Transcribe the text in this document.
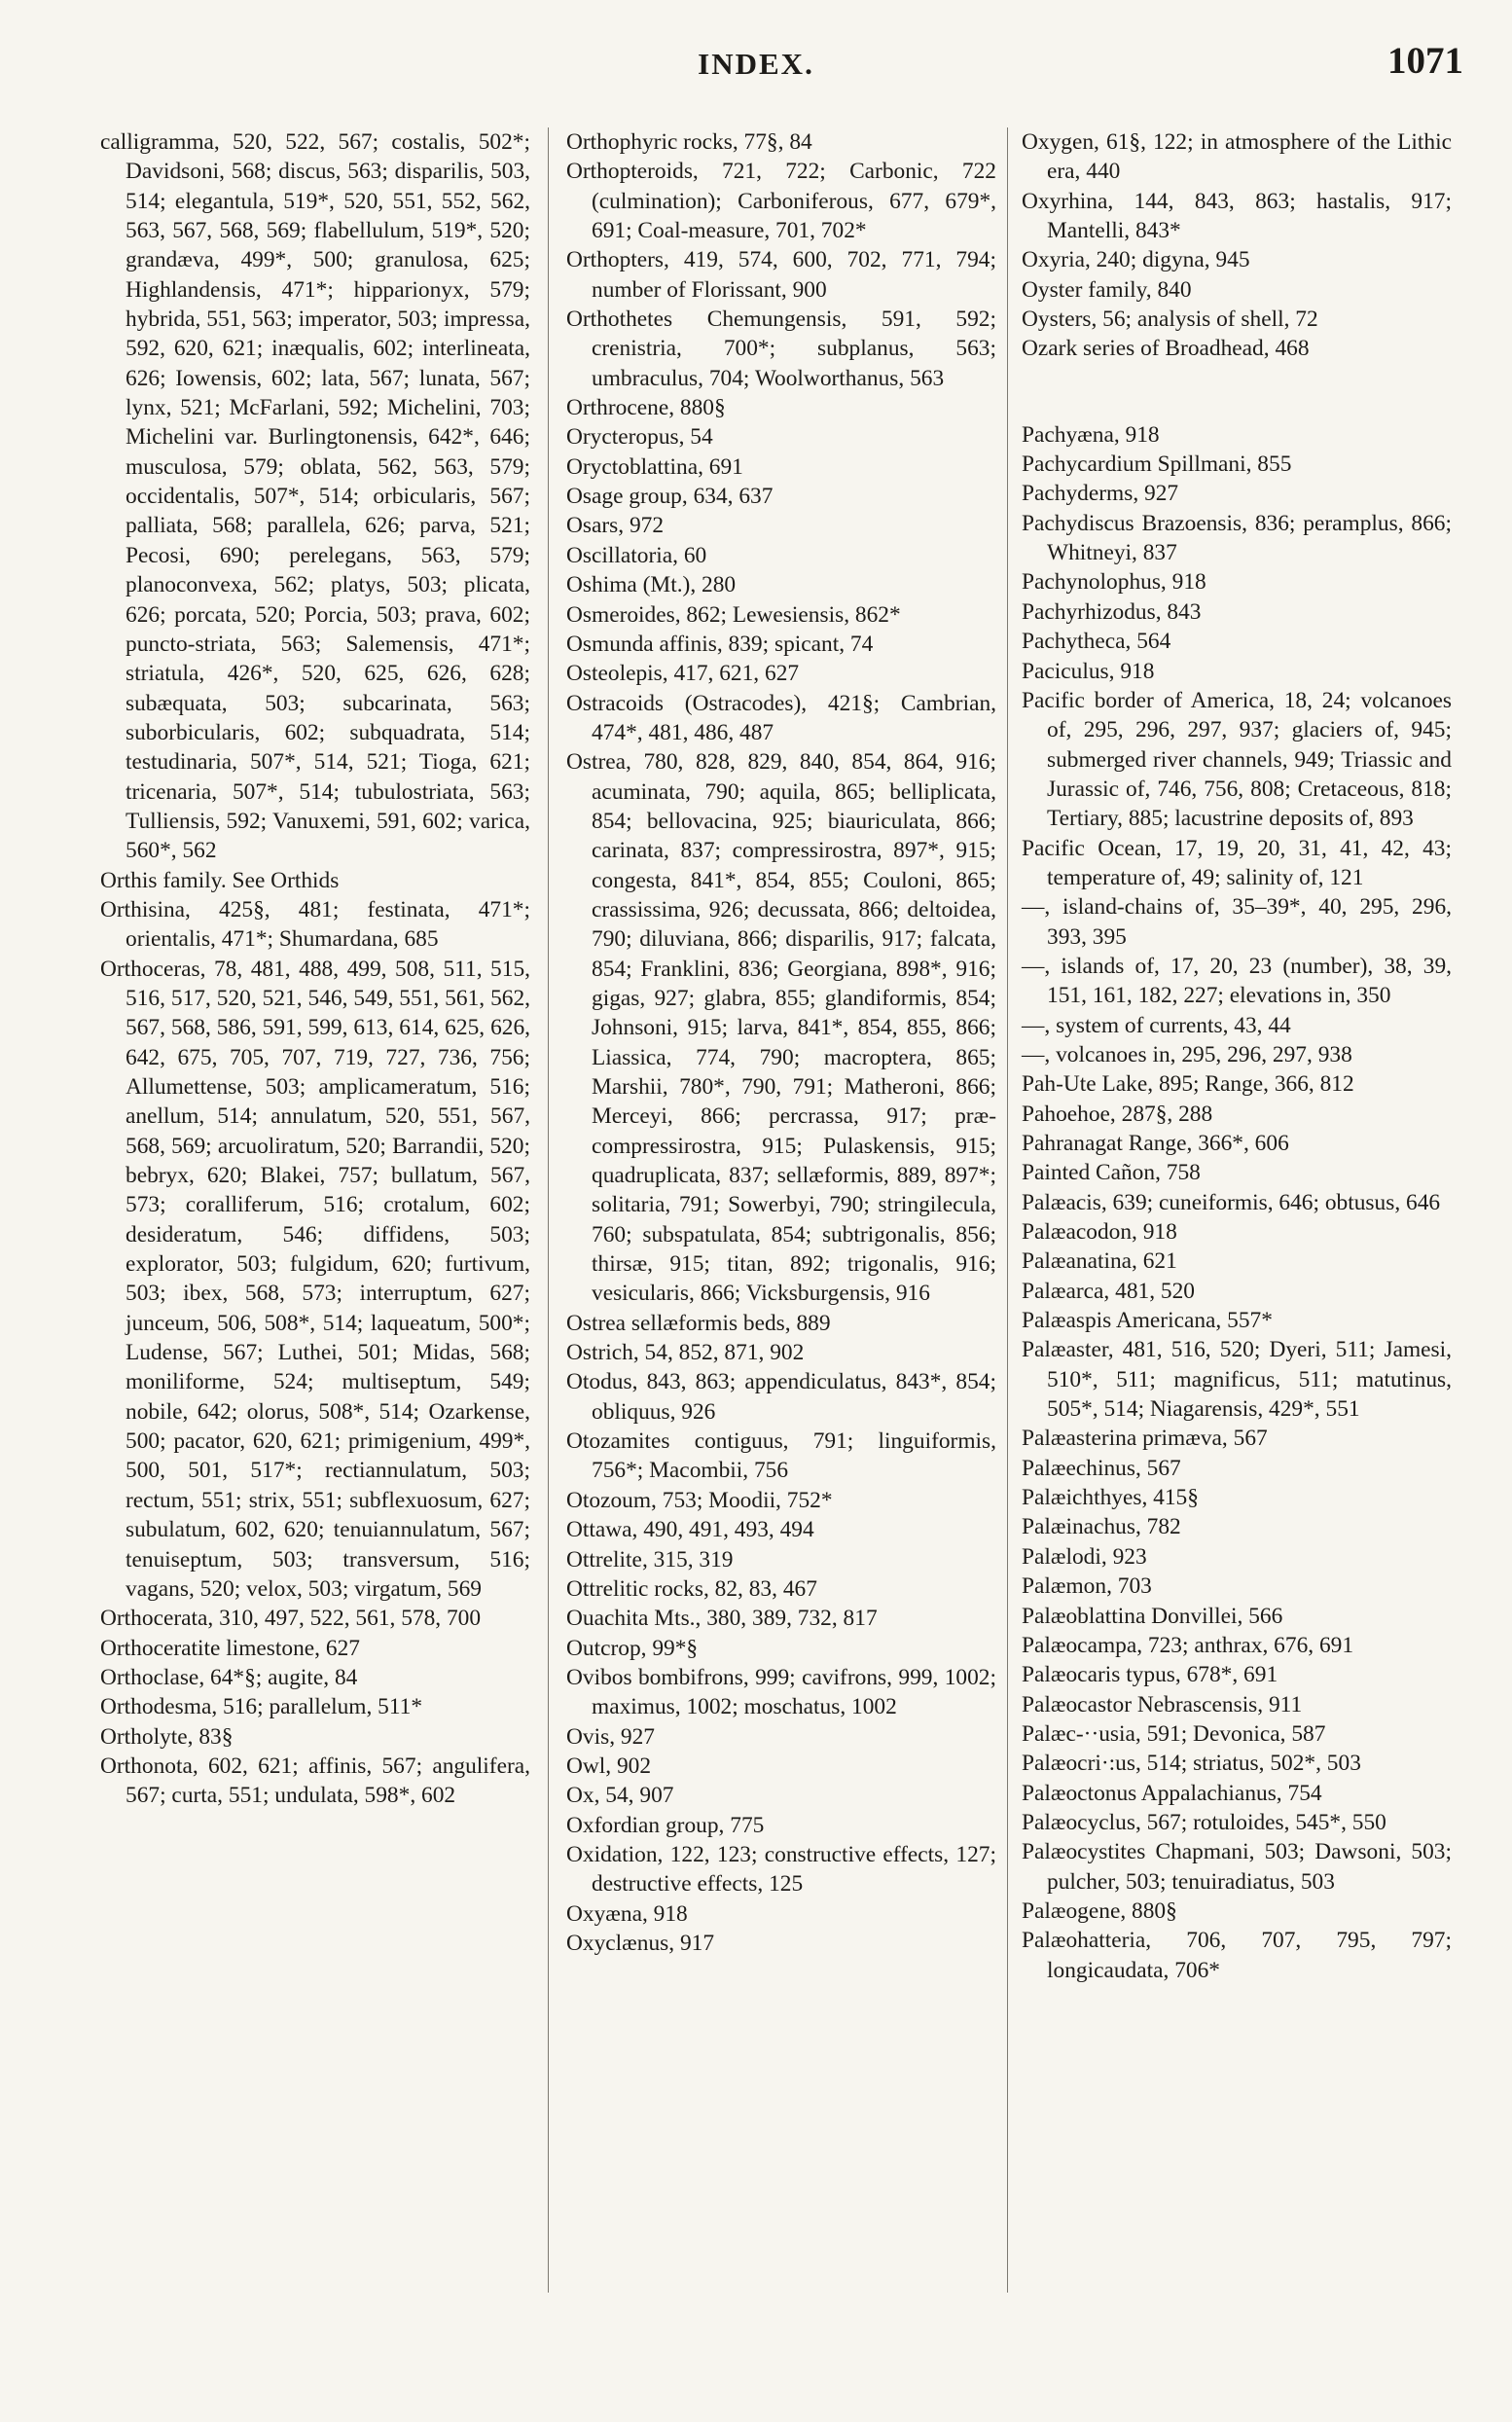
INDEX.	1071

calligramma, 520, 522, 567; costalis, 502*; Davidsoni, 568; discus, 563; disparilis, 503, 514; elegantula, 519*, 520, 551, 552, 562, 563, 567, 568, 569; flabellulum, 519*, 520; grandæva, 499*, 500; granulosa, 625; Highlandensis, 471*; hipparionyx, 579; hybrida, 551, 563; imperator, 503; impressa, 592, 620, 621; inæqualis, 602; interlineata, 626; Iowensis, 602; lata, 567; lunata, 567; lynx, 521; McFarlani, 592; Michelini, 703; Michelini var. Burlingtonensis, 642*, 646; musculosa, 579; oblata, 562, 563, 579; occidentalis, 507*, 514; orbicularis, 567; palliata, 568; parallela, 626; parva, 521; Pecosi, 690; perelegans, 563, 579; planoconvexa, 562; platys, 503; plicata, 626; porcata, 520; Porcia, 503; prava, 602; puncto-striata, 563; Salemensis, 471*; striatula, 426*, 520, 625, 626, 628; subæquata, 503; subcarinata, 563; suborbicularis, 602; subquadrata, 514; testudinaria, 507*, 514, 521; Tioga, 621; tricenaria, 507*, 514; tubulostriata, 563; Tulliensis, 592; Vanuxemi, 591, 602; varica, 560*, 562

Orthis family. See Orthids

Orthisina, 425§, 481; festinata, 471*; orientalis, 471*; Shumardana, 685

Orthoceras, 78, 481, 488, 499, 508, 511, 515, 516, 517, 520, 521, 546, 549, 551, 561, 562, 567, 568, 586, 591, 599, 613, 614, 625, 626, 642, 675, 705, 707, 719, 727, 736, 756; Allumettense, 503; amplicameratum, 516; anellum, 514; annulatum, 520, 551, 567, 568, 569; arcuoliratum, 520; Barrandii, 520; bebryx, 620; Blakei, 757; bullatum, 567, 573; coralliferum, 516; crotalum, 602; desideratum, 546; diffidens, 503; explorator, 503; fulgidum, 620; furtivum, 503; ibex, 568, 573; interruptum, 627; junceum, 506, 508*, 514; laqueatum, 500*; Ludense, 567; Luthei, 501; Midas, 568; moniliforme, 524; multiseptum, 549; nobile, 642; olorus, 508*, 514; Ozarkense, 500; pacator, 620, 621; primigenium, 499*, 500, 501, 517*; rectiannulatum, 503; rectum, 551; strix, 551; subflexuosum, 627; subulatum, 602, 620; tenuiannulatum, 567; tenuiseptum, 503; transversum, 516; vagans, 520; velox, 503; virgatum, 569

Orthocerata, 310, 497, 522, 561, 578, 700

Orthoceratite limestone, 627

Orthoclase, 64*§; augite, 84

Orthodesma, 516; parallelum, 511*

Ortholyte, 83§

Orthonota, 602, 621; affinis, 567; angulifera, 567; curta, 551; undulata, 598*, 602

Orthophyric rocks, 77§, 84

Orthopteroids, 721, 722; Carbonic, 722 (culmination); Carboniferous, 677, 679*, 691; Coal-measure, 701, 702*

Orthopters, 419, 574, 600, 702, 771, 794; number of Florissant, 900

Orthothetes Chemungensis, 591, 592; crenistria, 700*; subplanus, 563; umbraculus, 704; Woolworthanus, 563

Orthrocene, 880§

Orycteropus, 54

Oryctoblattina, 691

Osage group, 634, 637

Osars, 972

Oscillatoria, 60

Oshima (Mt.), 280

Osmeroides, 862; Lewesiensis, 862*

Osmunda affinis, 839; spicant, 74

Osteolepis, 417, 621, 627

Ostracoids (Ostracodes), 421§; Cambrian, 474*, 481, 486, 487

Ostrea, 780, 828, 829, 840, 854, 864, 916; acuminata, 790; aquila, 865; belliplicata, 854; bellovacina, 925; biauriculata, 866; carinata, 837; compressirostra, 897*, 915; congesta, 841*, 854, 855; Couloni, 865; crassissima, 926; decussata, 866; deltoidea, 790; diluviana, 866; disparilis, 917; falcata, 854; Franklini, 836; Georgiana, 898*, 916; gigas, 927; glabra, 855; glandiformis, 854; Johnsoni, 915; larva, 841*, 854, 855, 866; Liassica, 774, 790; macroptera, 865; Marshii, 780*, 790, 791; Matheroni, 866; Merceyi, 866; percrassa, 917; præ-compressirostra, 915; Pulaskensis, 915; quadruplicata, 837; sellæformis, 889, 897*; solitaria, 791; Sowerbyi, 790; stringilecula, 760; subspatulata, 854; subtrigonalis, 856; thirsæ, 915; titan, 892; trigonalis, 916; vesicularis, 866; Vicksburgensis, 916

Ostrea sellæformis beds, 889

Ostrich, 54, 852, 871, 902

Otodus, 843, 863; appendiculatus, 843*, 854; obliquus, 926

Otozamites contiguus, 791; linguiformis, 756*; Macombii, 756

Otozoum, 753; Moodii, 752*

Ottawa, 490, 491, 493, 494

Ottrelite, 315, 319

Ottrelitic rocks, 82, 83, 467

Ouachita Mts., 380, 389, 732, 817

Outcrop, 99*§

Ovibos bombifrons, 999; cavifrons, 999, 1002; maximus, 1002; moschatus, 1002

Ovis, 927

Owl, 902

Ox, 54, 907

Oxfordian group, 775

Oxidation, 122, 123; constructive effects, 127; destructive effects, 125

Oxyæna, 918

Oxyclænus, 917

Oxygen, 61§, 122; in atmosphere of the Lithic era, 440

Oxyrhina, 144, 843, 863; hastalis, 917; Mantelli, 843*

Oxyria, 240; digyna, 945

Oyster family, 840

Oysters, 56; analysis of shell, 72

Ozark series of Broadhead, 468

Pachyæna, 918

Pachycardium Spillmani, 855

Pachyderms, 927

Pachydiscus Brazoensis, 836; peramplus, 866; Whitneyi, 837

Pachynolophus, 918

Pachyrhizodus, 843

Pachytheca, 564

Paciculus, 918

Pacific border of America, 18, 24; volcanoes of, 295, 296, 297, 937; glaciers of, 945; submerged river channels, 949; Triassic and Jurassic of, 746, 756, 808; Cretaceous, 818; Tertiary, 885; lacustrine deposits of, 893

Pacific Ocean, 17, 19, 20, 31, 41, 42, 43; temperature of, 49; salinity of, 121

—, island-chains of, 35–39*, 40, 295, 296, 393, 395

—, islands of, 17, 20, 23 (number), 38, 39, 151, 161, 182, 227; elevations in, 350

—, system of currents, 43, 44

—, volcanoes in, 295, 296, 297, 938

Pah-Ute Lake, 895; Range, 366, 812

Pahoehoe, 287§, 288

Pahranagat Range, 366*, 606

Painted Cañon, 758

Palæacis, 639; cuneiformis, 646; obtusus, 646

Palæacodon, 918

Palæanatina, 621

Palæarca, 481, 520

Palæaspis Americana, 557*

Palæaster, 481, 516, 520; Dyeri, 511; Jamesi, 510*, 511; magnificus, 511; matutinus, 505*, 514; Niagarensis, 429*, 551

Palæasterina primæva, 567

Palæechinus, 567

Palæichthyes, 415§

Palæinachus, 782

Palælodi, 923

Palæmon, 703

Palæoblattina Donvillei, 566

Palæocampa, 723; anthrax, 676, 691

Palæocaris typus, 678*, 691

Palæocastor Nebrascensis, 911

Palæc-··usia, 591; Devonica, 587

Palæocri·:us, 514; striatus, 502*, 503

Palæoctonus Appalachianus, 754

Palæocyclus, 567; rotuloides, 545*, 550

Palæocystites Chapmani, 503; Dawsoni, 503; pulcher, 503; tenuiradiatus, 503

Palæogene, 880§

Palæohatteria, 706, 707, 795, 797; longicaudata, 706*
